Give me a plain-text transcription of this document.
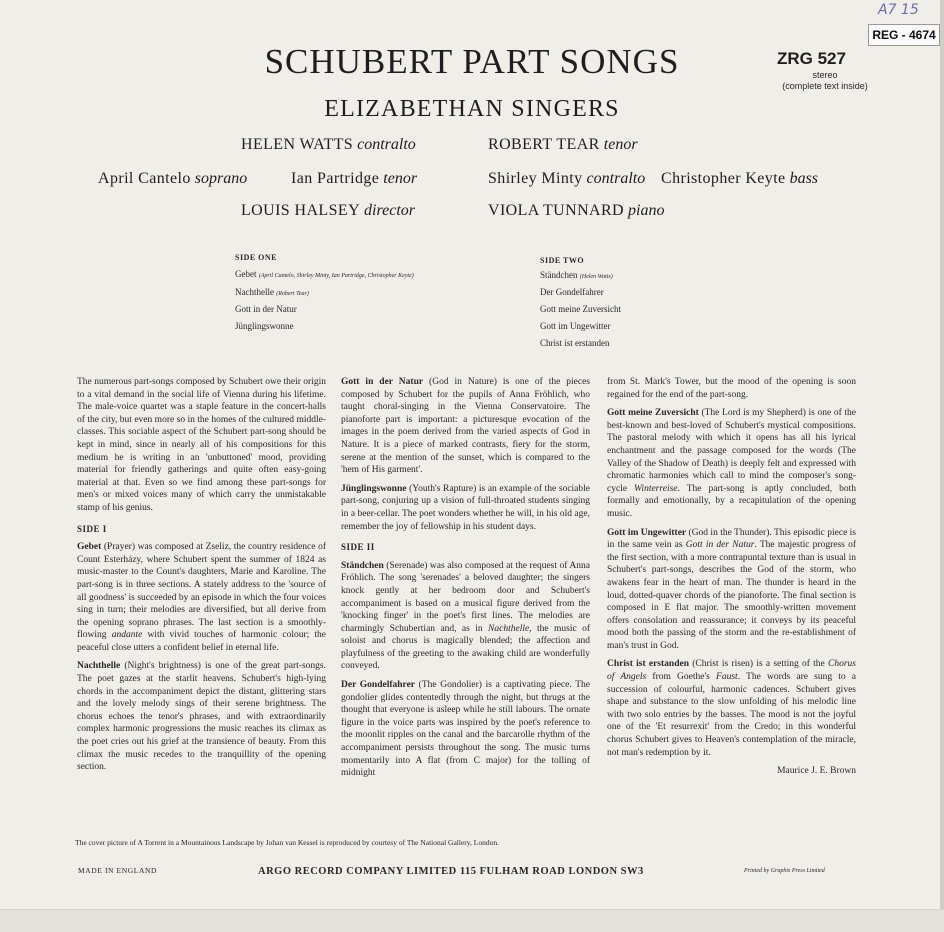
A7 15
REG - 4674
SCHUBERT PART SONGS
ELIZABETHAN SINGERS
ZRG 527
stereo
(complete text inside)
HELEN WATTS contralto	ROBERT TEAR tenor
April Cantelo soprano	Ian Partridge tenor	Shirley Minty contralto Christopher Keyte bass
LOUIS HALSEY director	VIOLA TUNNARD piano
SIDE ONE
Gebet (April Cantelo, Shirley Minty, Ian Partridge, Christopher Keyte)
Nachthelle (Robert Tear)
Gott in der Natur
Jünglingswonne
SIDE TWO
Ständchen (Helen Watts)
Der Gondelfahrer
Gott meine Zuversicht
Gott im Ungewitter
Christ ist erstanden

The numerous part-songs composed by Schubert owe their origin to a vital demand in the social life of Vienna during his lifetime. The male-voice quartet was a staple feature in the concert-halls of the city, but even more so in the homes of the cultured middle-classes. This sociable aspect of the Schubert part-song should be kept in mind, since in nearly all of his compositions for this medium he is writing in an 'unbuttoned' mood, providing material for friendly gatherings and quite often easy-going material at that. Even so we find among these part-songs for men's or mixed voices many of which carry the unmistakable stamp of his genius.

SIDE I

Gebet (Prayer) was composed at Zseliz, the country residence of Count Esterházy, where Schubert spent the summer of 1824 as music-master to the Count's daughters, Marie and Karoline. The part-song is in three sections. A stately address to the 'source of all goodness' is succeeded by an episode in which the four voices sing in turn; their melodies are diversified, but all derive from the opening soprano phrases. The last section is a smoothly-flowing andante with vivid touches of harmonic colour; the peaceful close utters a confident belief in eternal life.

Nachthelle (Night's brightness) is one of the great part-songs. The poet gazes at the starlit heavens. Schubert's high-lying chords in the accompaniment depict the distant, glittering stars and the lovely melody sings of their serene brightness. The chorus echoes the tenor's phrases, and with extraordinarily complex harmonic progressions the music reaches its climax as the poet cries out his grief at the transience of beauty. From this climax the music recedes to the tranquillity of the opening section.

Gott in der Natur (God in Nature) is one of the pieces composed by Schubert for the pupils of Anna Fröhlich, who taught choral-singing in the Vienna Conservatoire. The pianoforte part is important: a picturesque evocation of the images in the poem derived from the varied aspects of God in Nature. It is a piece of marked contrasts, fiery for the storm, serene at the mention of the sunset, which is compared to the 'hem of His garment'.

Jünglingswonne (Youth's Rapture) is an example of the sociable part-song, conjuring up a vision of full-throated students singing in a beer-cellar. The poet wonders whether he will, in his old age, remember the joy of fellowship in his student days.

SIDE II

Ständchen (Serenade) was also composed at the request of Anna Fröhlich. The song 'serenades' a beloved daughter; the singers knock gently at her bedroom door and Schubert's accompaniment is based on a musical figure derived from the 'knocking finger' in the poet's first lines. The melodies are charmingly Schubertian and, as in Nachthelle, the music of soloist and chorus is magically blended; the affection and playfulness of the greeting to the awaking child are wonderfully conveyed.

Der Gondelfahrer (The Gondolier) is a captivating piece. The gondolier glides contentedly through the night, but thrugs at the thought that everyone is asleep while he still labours. The ornate figure in the voice parts was inspired by the poet's reference to the moonlit ripples on the canal and the barcarolle rhythm of the accompaniment persists throughout the song. The music turns momentarily into A flat (from C major) for the tolling of midnight

from St. Mark's Tower, but the mood of the opening is soon regained for the end of the part-song.

Gott meine Zuversicht (The Lord is my Shepherd) is one of the best-known and best-loved of Schubert's mystical compositions. The pastoral melody with which it opens has all his lyrical enchantment and the passage composed for the words (The Valley of the Shadow of Death) is deeply felt and expressed with chromatic harmonies which call to mind the composer's song-cycle Winterreise. The part-song is aptly concluded, both formally and emotionally, by a recapitulation of the opening music.

Gott im Ungewitter (God in the Thunder). This episodic piece is in the same vein as Gott in der Natur. The majestic progress of the first section, with a more contrapuntal texture than is usual in Schubert's part-songs, describes the God of the storm, who awakens fear in the heart of man. The thunder is heard in the loud, dotted-quaver chords of the pianoforte. The final section is composed in E flat major. The smoothly-written movement offers consolation and reassurance; it conveys by its peaceful mood both the passing of the storm and the re-establishment of man's trust in God.

Christ ist erstanden (Christ is risen) is a setting of the Chorus of Angels from Goethe's Faust. The words are sung to a succession of colourful, harmonic cadences. Schubert gives shape and substance to the slow unfolding of his melodic line with two solo entries by the basses. The mood is not the joyful one of the 'Et resurrexit' from the Credo; in this wonderful chorus Schubert gives to Heaven's contemplation of the miracle, not man's redemption by it.

Maurice J. E. Brown

The cover picture of A Torrent in a Mountainous Landscape by Johan van Kessel is reproduced by courtesy of The National Gallery, London.
MADE IN ENGLAND	ARGO RECORD COMPANY LIMITED 115 FULHAM ROAD LONDON SW3	Printed by Graphis Press Limited
